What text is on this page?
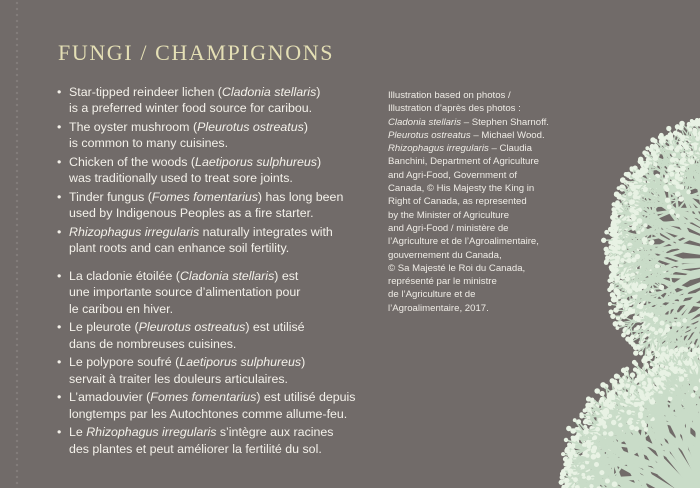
FUNGI / CHAMPIGNONS
• Star-tipped reindeer lichen (Cladonia stellaris)
is a preferred winter food source for caribou.
• The oyster mushroom (Pleurotus ostreatus)
is common to many cuisines.
• Chicken of the woods (Laetiporus sulphureus)
was traditionally used to treat sore joints.
• Tinder fungus (Fomes fomentarius) has long been
used by Indigenous Peoples as a fire starter.
• Rhizophagus irregularis naturally integrates with
plant roots and can enhance soil fertility.
• La cladonie étoilée (Cladonia stellaris) est
une importante source d’alimentation pour
le caribou en hiver.
• Le pleurote (Pleurotus ostreatus) est utilisé
dans de nombreuses cuisines.
• Le polypore soufré (Laetiporus sulphureus)
servait à traiter les douleurs articulaires.
• L’amadouvier (Fomes fomentarius) est utilisé depuis
longtemps par les Autochtones comme allume-feu.
• Le Rhizophagus irregularis s’intègre aux racines
des plantes et peut améliorer la fertilité du sol.
Illustration based on photos /
Illustration d’après des photos :
Cladonia stellaris – Stephen Sharnoff.
Pleurotus ostreatus – Michael Wood.
Rhizophagus irregularis – Claudia
Banchini, Department of Agriculture
and Agri-Food, Government of
Canada, © His Majesty the King in
Right of Canada, as represented
by the Minister of Agriculture
and Agri-Food / ministère de
l’Agriculture et de l’Agroalimentaire,
gouvernement du Canada,
© Sa Majesté le Roi du Canada,
représenté par le ministre
de l’Agriculture et de
l’Agroalimentaire, 2017.
